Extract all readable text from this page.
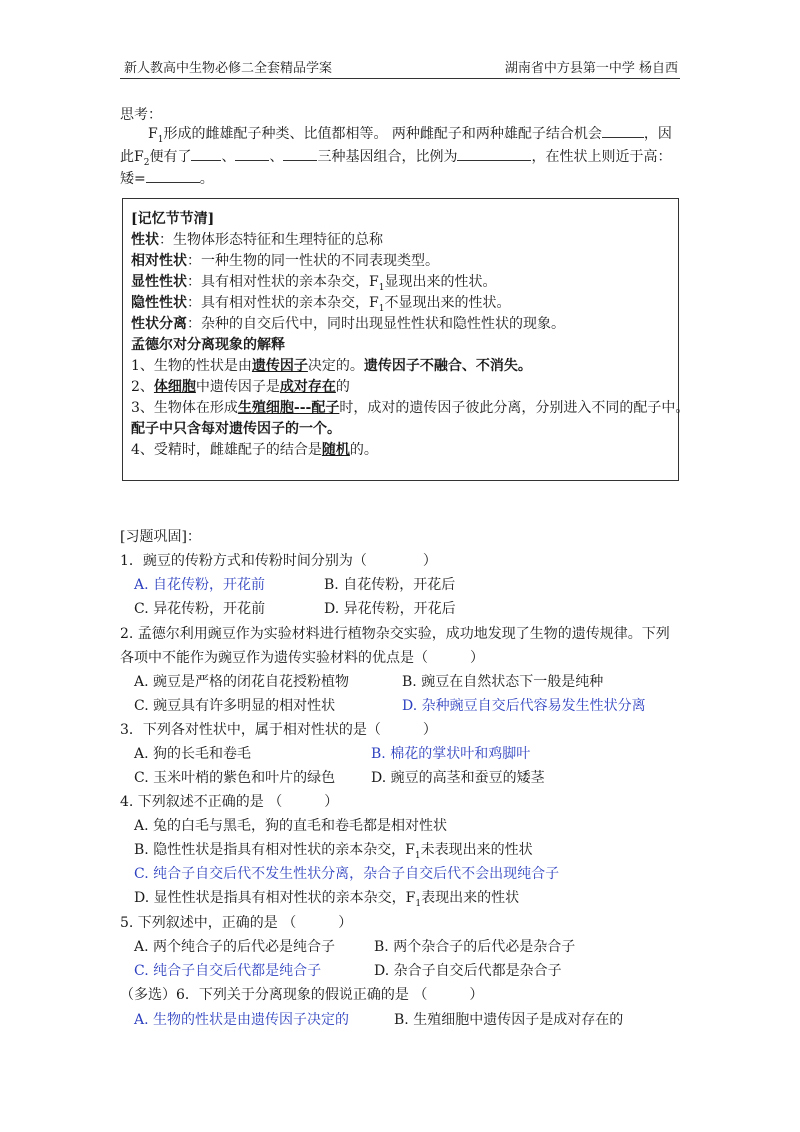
新人教高中生物必修二全套精品学案	湖南省中方县第一中学 杨自西
思考：
$F_1$形成的雌雄配子种类、比值都相等。 两种雌配子和两种雄配子结合机会	，因
此$F_2$便有了 、 、 三种基因组合，比例为	，在性状上则近于高：
矮=	。
[记忆节节清]
性状：生物体形态特征和生理特征的总称
相对性状：一种生物的同一性状的不同表现类型。
显性性状：具有相对性状的亲本杂交，$F_1$显现出来的性状。
隐性性状：具有相对性状的亲本杂交，$F_1$不显现出来的性状。
性状分离：杂种的自交后代中，同时出现显性性状和隐性性状的现象。
孟德尔对分离现象的解释
1、生物的性状是由遗传因子决定的。遗传因子不融合、不消失。
2、体细胞中遗传因子是成对存在的
3、生物体在形成生殖细胞---配子时，成对的遗传因子彼此分离，分别进入不同的配子中。
配子中只含每对遗传因子的一个。
4、受精时，雌雄配子的结合是随机的。
[习题巩固]：
1．豌豆的传粉方式和传粉时间分别为（　　　　）
A. 自花传粉，开花前	B. 自花传粉，开花后
C. 异花传粉，开花前	D. 异花传粉，开花后
2. 孟德尔利用豌豆作为实验材料进行植物杂交实验，成功地发现了生物的遗传规律。下列
各项中不能作为豌豆作为遗传实验材料的优点是（　　　）
A. 豌豆是严格的闭花自花授粉植物	B. 豌豆在自然状态下一般是纯种
C. 豌豆具有许多明显的相对性状	D. 杂种豌豆自交后代容易发生性状分离
3．下列各对性状中，属于相对性状的是（　　　）
A. 狗的长毛和卷毛	B. 棉花的掌状叶和鸡脚叶
C. 玉米叶梢的紫色和叶片的绿色	D. 豌豆的高茎和蚕豆的矮茎
4. 下列叙述不正确的是 （　　　）
A. 兔的白毛与黑毛，狗的直毛和卷毛都是相对性状
B. 隐性性状是指具有相对性状的亲本杂交，$F_1$未表现出来的性状
C. 纯合子自交后代不发生性状分离，杂合子自交后代不会出现纯合子
D. 显性性状是指具有相对性状的亲本杂交，$F_1$表现出来的性状
5. 下列叙述中，正确的是 （　　　）
A. 两个纯合子的后代必是纯合子	B. 两个杂合子的后代必是杂合子
C. 纯合子自交后代都是纯合子	D. 杂合子自交后代都是杂合子
（多选）6．下列关于分离现象的假说正确的是 （　　　）
A. 生物的性状是由遗传因子决定的	B. 生殖细胞中遗传因子是成对存在的
